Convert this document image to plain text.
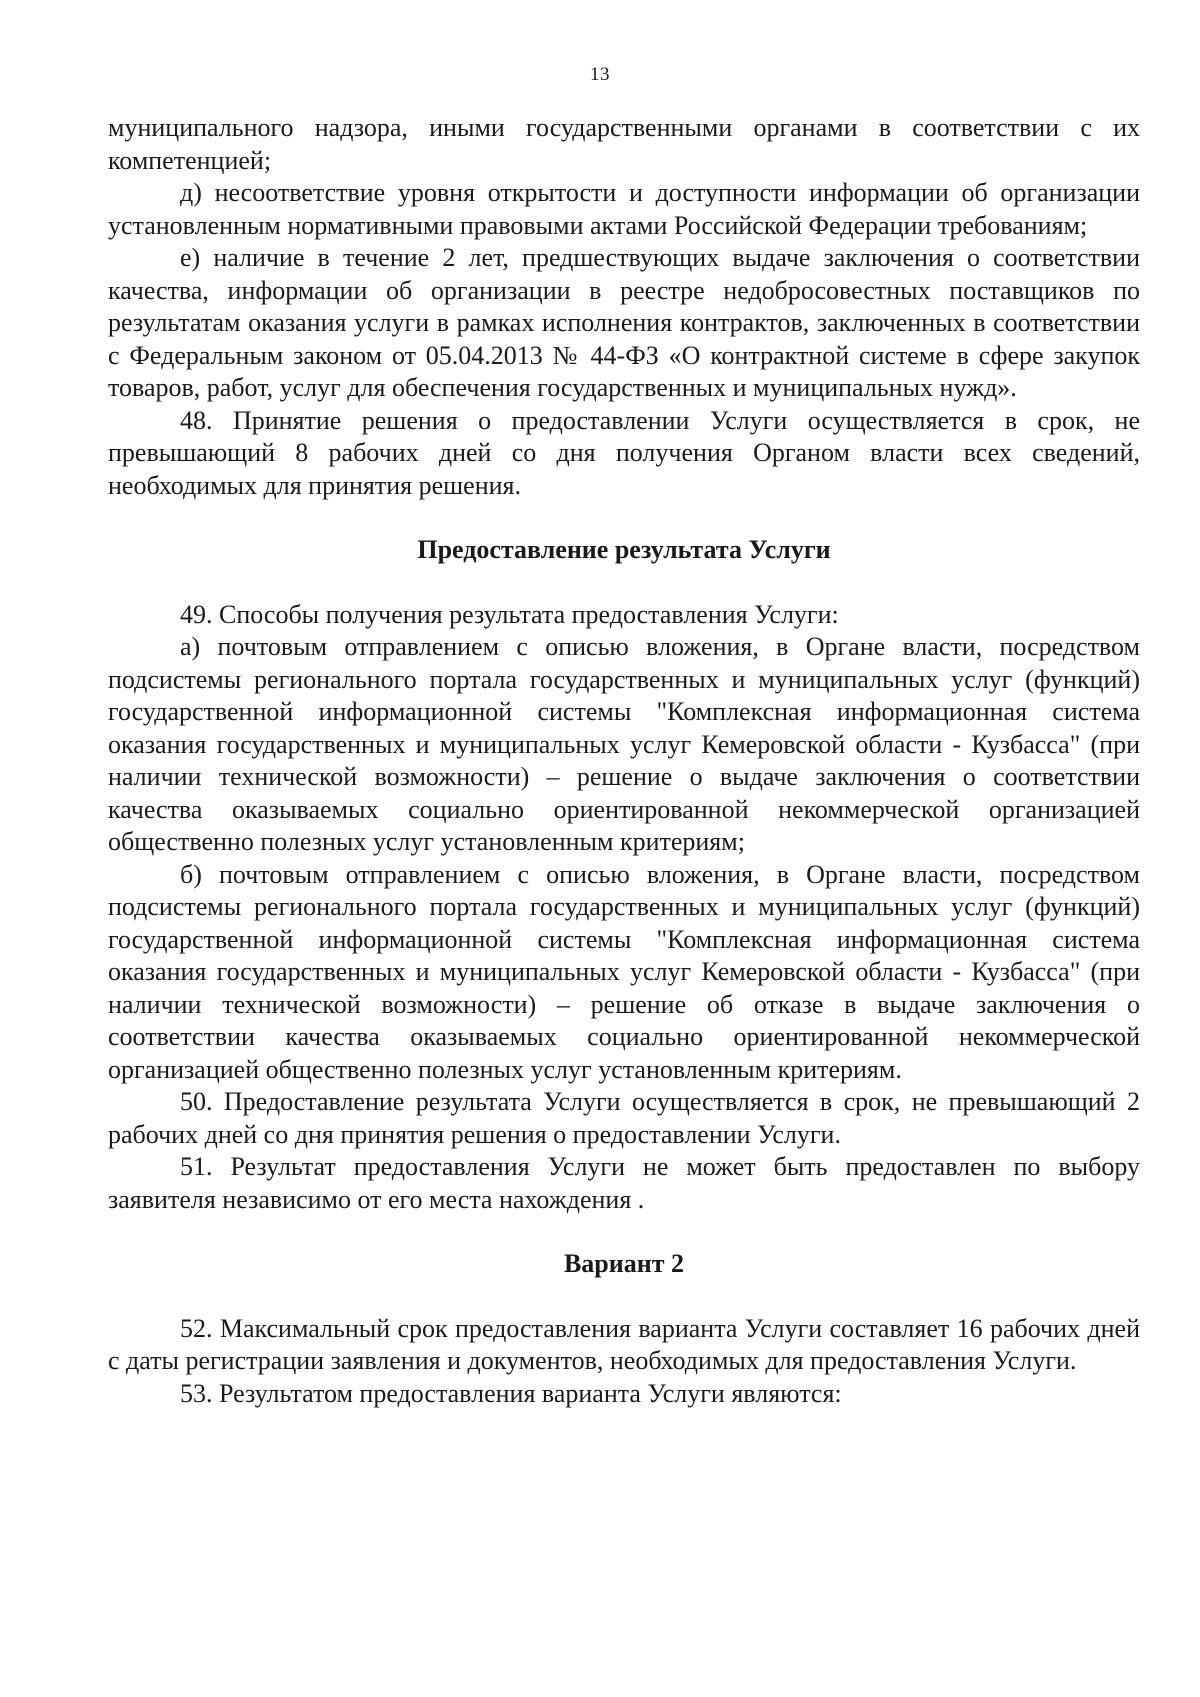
13

муниципального надзора, иными государственными органами в соответствии с их компетенцией;

д) несоответствие уровня открытости и доступности информации об организации установленным нормативными правовыми актами Российской Федерации требованиям;

е) наличие в течение 2 лет, предшествующих выдаче заключения о соответствии качества, информации об организации в реестре недобросовестных поставщиков по результатам оказания услуги в рамках исполнения контрактов, заключенных в соответствии с Федеральным законом от 05.04.2013 № 44-ФЗ «О контрактной системе в сфере закупок товаров, работ, услуг для обеспечения государственных и муниципальных нужд».

48. Принятие решения о предоставлении Услуги осуществляется в срок, не превышающий 8 рабочих дней со дня получения Органом власти всех сведений, необходимых для принятия решения.

Предоставление результата Услуги

49. Способы получения результата предоставления Услуги:

а) почтовым отправлением с описью вложения, в Органе власти, посредством подсистемы регионального портала государственных и муниципальных услуг (функций) государственной информационной системы "Комплексная информационная система оказания государственных и муниципальных услуг Кемеровской области - Кузбасса" (при наличии технической возможности) – решение о выдаче заключения о соответствии качества оказываемых социально ориентированной некоммерческой организацией общественно полезных услуг установленным критериям;

б) почтовым отправлением с описью вложения, в Органе власти, посредством подсистемы регионального портала государственных и муниципальных услуг (функций) государственной информационной системы "Комплексная информационная система оказания государственных и муниципальных услуг Кемеровской области - Кузбасса" (при наличии технической возможности) – решение об отказе в выдаче заключения о соответствии качества оказываемых социально ориентированной некоммерческой организацией общественно полезных услуг установленным критериям.

50. Предоставление результата Услуги осуществляется в срок, не превышающий 2 рабочих дней со дня принятия решения о предоставлении Услуги.

51. Результат предоставления Услуги не может быть предоставлен по выбору заявителя независимо от его места нахождения .

Вариант 2

52. Максимальный срок предоставления варианта Услуги составляет 16 рабочих дней с даты регистрации заявления и документов, необходимых для предоставления Услуги.

53. Результатом предоставления варианта Услуги являются:
